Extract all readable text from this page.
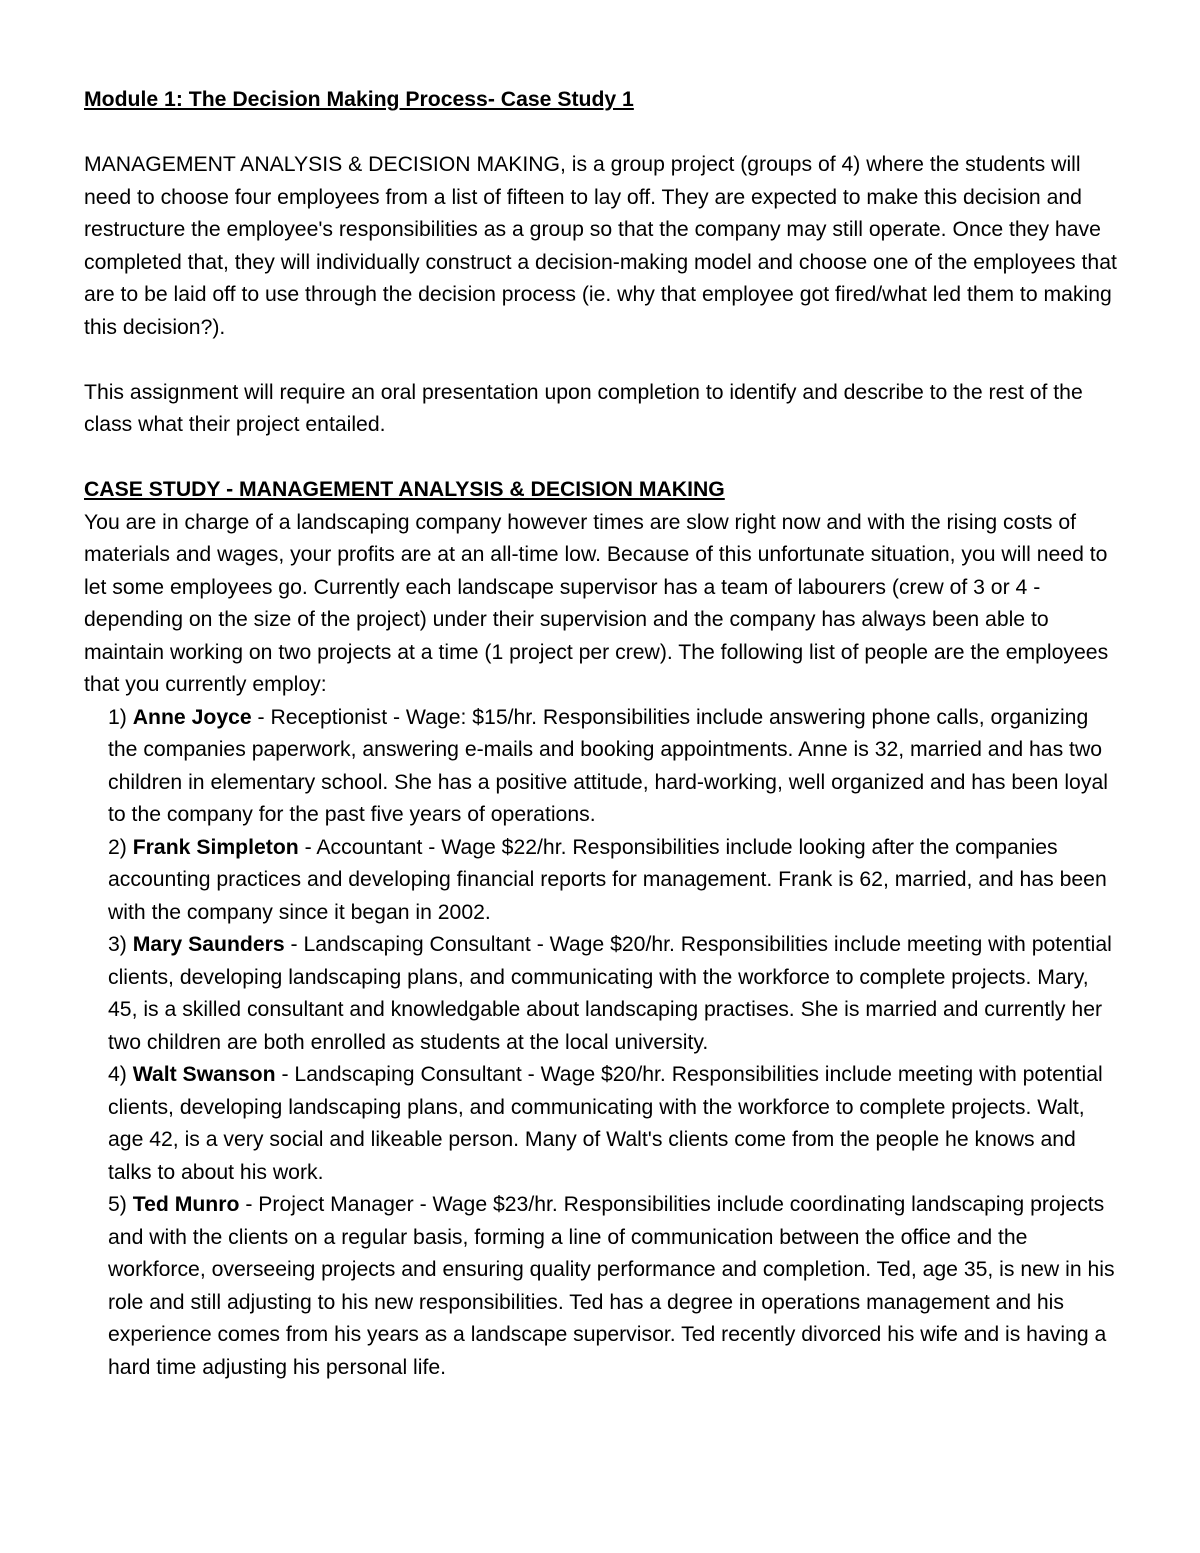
Module 1: The Decision Making Process- Case Study 1

MANAGEMENT ANALYSIS & DECISION MAKING, is a group project (groups of 4) where the students will need to choose four employees from a list of fifteen to lay off. They are expected to make this decision and restructure the employee's responsibilities as a group so that the company may still operate. Once they have completed that, they will individually construct a decision-making model and choose one of the employees that are to be laid off to use through the decision process (ie. why that employee got fired/what led them to making this decision?).

This assignment will require an oral presentation upon completion to identify and describe to the rest of the class what their project entailed.

CASE STUDY - MANAGEMENT ANALYSIS & DECISION MAKING

You are in charge of a landscaping company however times are slow right now and with the rising costs of materials and wages, your profits are at an all-time low. Because of this unfortunate situation, you will need to let some employees go. Currently each landscape supervisor has a team of labourers (crew of 3 or 4 - depending on the size of the project) under their supervision and the company has always been able to maintain working on two projects at a time (1 project per crew). The following list of people are the employees that you currently employ:

1) Anne Joyce - Receptionist - Wage: $15/hr. Responsibilities include answering phone calls, organizing the companies paperwork, answering e-mails and booking appointments. Anne is 32, married and has two children in elementary school. She has a positive attitude, hard-working, well organized and has been loyal to the company for the past five years of operations.
2) Frank Simpleton - Accountant - Wage $22/hr. Responsibilities include looking after the companies accounting practices and developing financial reports for management. Frank is 62, married, and has been with the company since it began in 2002.
3) Mary Saunders - Landscaping Consultant - Wage $20/hr. Responsibilities include meeting with potential clients, developing landscaping plans, and communicating with the workforce to complete projects. Mary, 45, is a skilled consultant and knowledgable about landscaping practises. She is married and currently her two children are both enrolled as students at the local university.
4) Walt Swanson - Landscaping Consultant - Wage $20/hr. Responsibilities include meeting with potential clients, developing landscaping plans, and communicating with the workforce to complete projects. Walt, age 42, is a very social and likeable person. Many of Walt's clients come from the people he knows and talks to about his work.
5) Ted Munro - Project Manager - Wage $23/hr. Responsibilities include coordinating landscaping projects and with the clients on a regular basis, forming a line of communication between the office and the workforce, overseeing projects and ensuring quality performance and completion. Ted, age 35, is new in his role and still adjusting to his new responsibilities. Ted has a degree in operations management and his experience comes from his years as a landscape supervisor. Ted recently divorced his wife and is having a hard time adjusting his personal life.
